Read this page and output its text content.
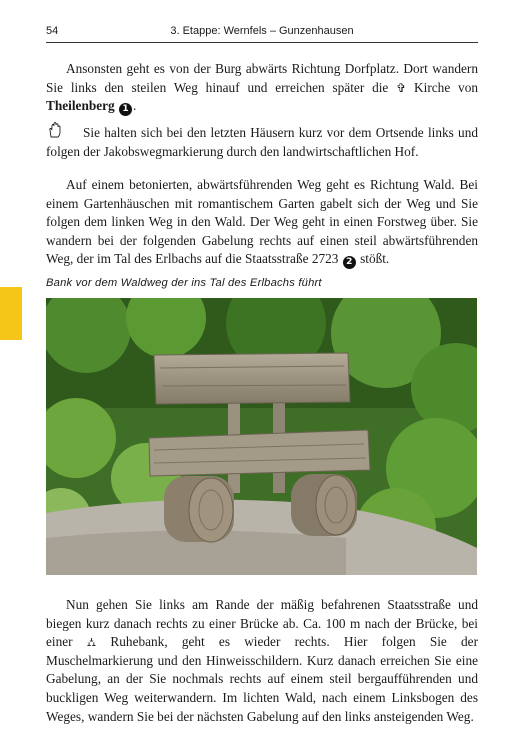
54	3. Etappe: Wernfels – Gunzenhausen

Ansonsten geht es von der Burg abwärts Richtung Dorfplatz. Dort wandern Sie links den steilen Weg hinauf und erreichen später die ✞ Kirche von Theilenberg 1 .

Sie halten sich bei den letzten Häusern kurz vor dem Ortsende links und folgen der Jakobswegmarkierung durch den landwirtschaftlichen Hof.

Auf einem betonierten, abwärtsführenden Weg geht es Richtung Wald. Bei einem Gartenhäuschen mit romantischem Garten gabelt sich der Weg und Sie folgen dem linken Weg in den Wald. Der Weg geht in einen Forstweg über. Sie wandern bei der folgenden Gabelung rechts auf einen steil abwärtsführenden Weg, der im Tal des Erlbachs auf die Staatsstraße 2723 2 stößt.

Bank vor dem Waldweg der ins Tal des Erlbachs führt

Nun gehen Sie links am Rande der mäßig befahrenen Staatsstraße und biegen kurz danach rechts zu einer Brücke ab. Ca. 100 m nach der Brücke, bei einer ⛼ Ruhebank, geht es wieder rechts. Hier folgen Sie der Muschelmarkierung und den Hinweisschildern. Kurz danach erreichen Sie eine Gabelung, an der Sie nochmals rechts auf einem steil bergaufführenden und buckligen Weg weiterwandern. Im lichten Wald, nach einem Linksbogen des Weges, wandern Sie bei der nächsten Gabelung auf den links ansteigenden Weg.
